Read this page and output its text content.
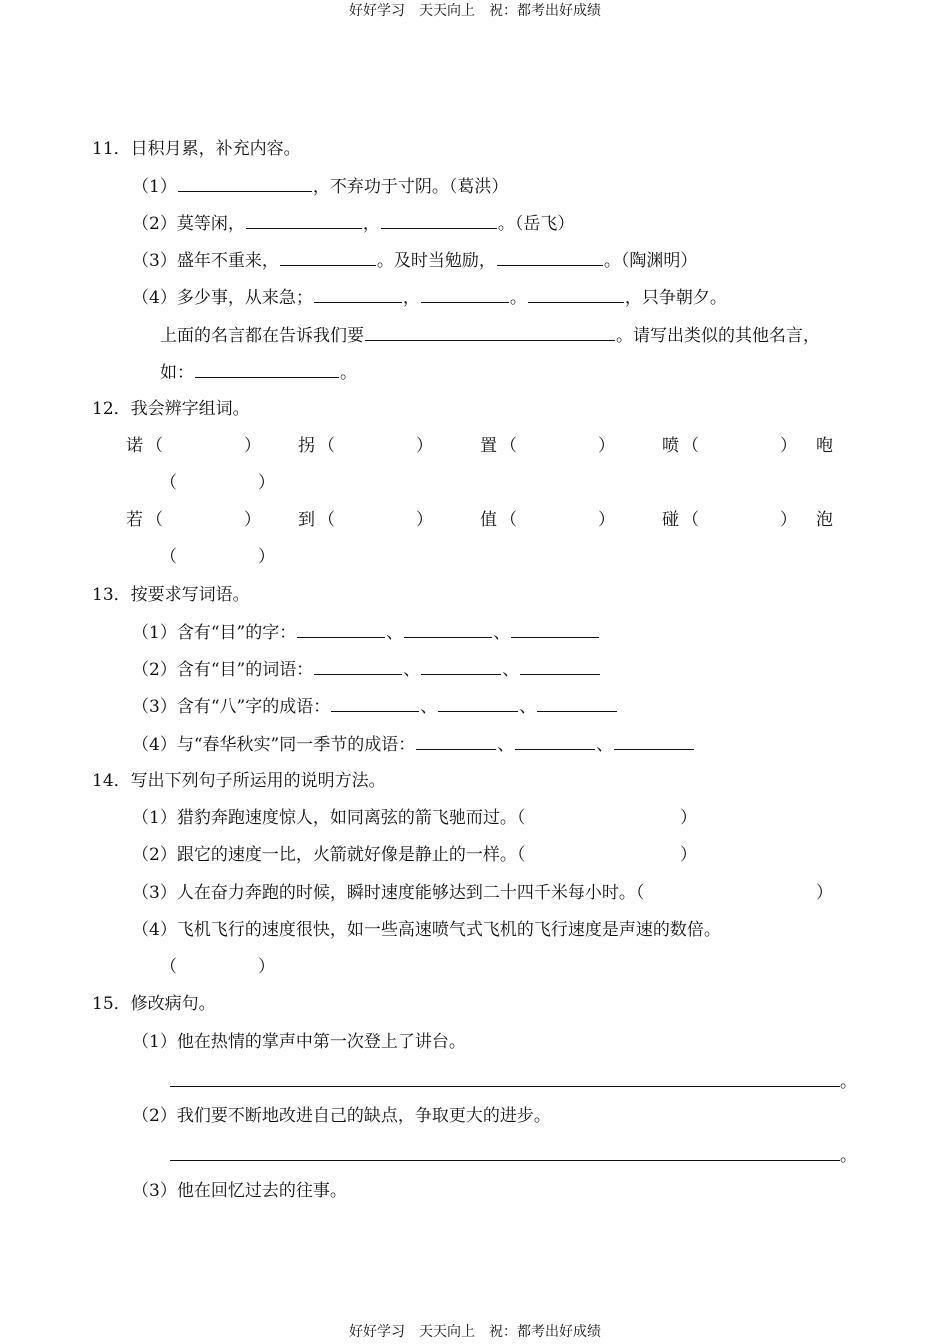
好好学习　天天向上　祝：都考出好成绩
11．日积月累，补充内容。
（1）	，不弃功于寸阴。（葛洪）
（2）莫等闲，	，	。（岳飞）
（3）盛年不重来，	。及时当勉励，	。（陶渊明）
（4）多少事，从来急；	，	。	，只争朝夕。
上面的名言都在告诉我们要	。请写出类似的其他名言，
如：	。
12．我会辨字组词。
诺 （	） 拐 （	）	置 （	）	喷 （	） 咆
（	）
若 （	） 到 （	）	值 （	）	碰 （	） 泡
（	）
13．按要求写词语。
（1）含有“目”的字：	、	、
（2）含有“目”的词语：	、	、
（3）含有“八”字的成语：	、	、
（4）与“春华秋实”同一季节的成语：	、	、
14．写出下列句子所运用的说明方法。
（1）猎豹奔跑速度惊人，如同离弦的箭飞驰而过。（	）
（2）跟它的速度一比，火箭就好像是静止的一样。（	）
（3）人在奋力奔跑的时候，瞬时速度能够达到二十四千米每小时。（	）
（4）飞机飞行的速度很快，如一些高速喷气式飞机的飞行速度是声速的数倍。
（	）
15．修改病句。
（1）他在热情的掌声中第一次登上了讲台。
。
（2）我们要不断地改进自己的缺点，争取更大的进步。
。
（3）他在回忆过去的往事。
好好学习　天天向上　祝：都考出好成绩
